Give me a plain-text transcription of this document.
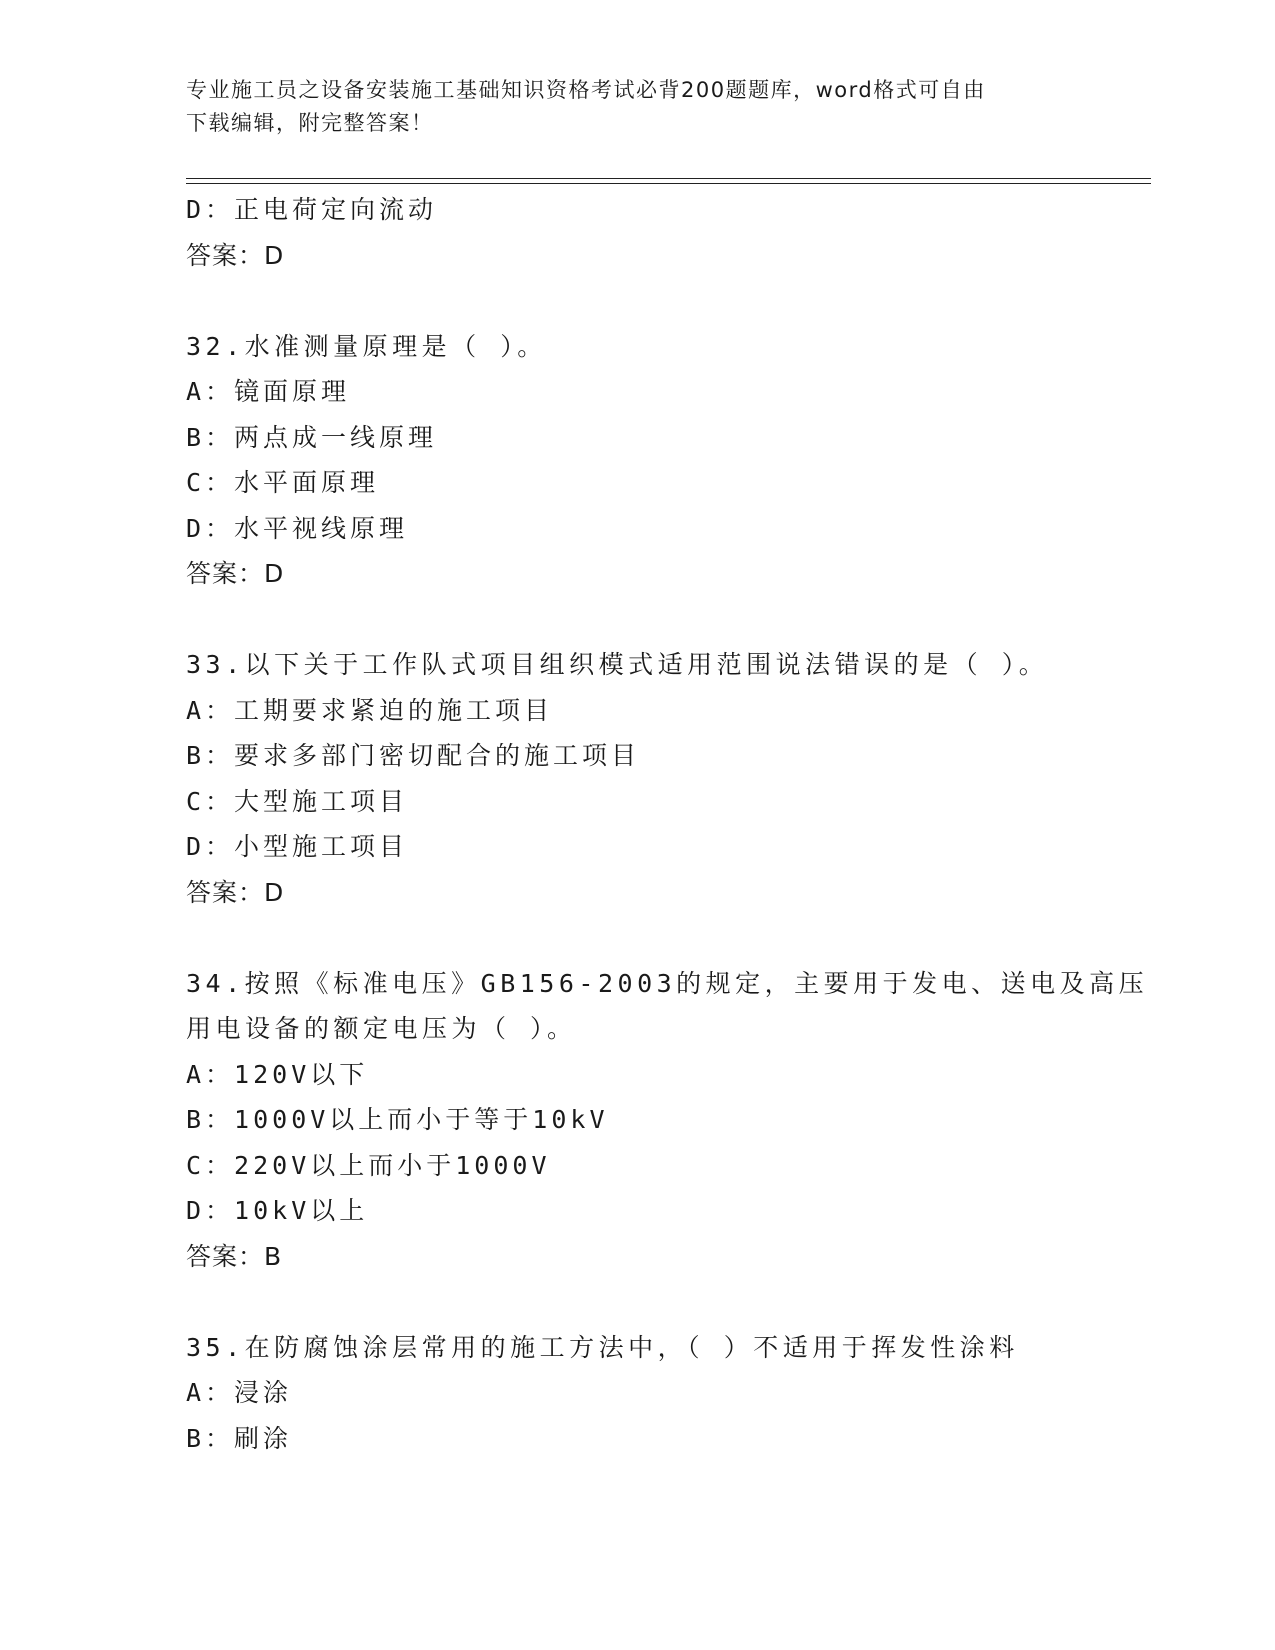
专业施工员之设备安装施工基础知识资格考试必背200题题库，word格式可自由
下载编辑，附完整答案！
D：正电荷定向流动
答案：D
32.水准测量原理是（ ）。
A：镜面原理
B：两点成一线原理
C：水平面原理
D：水平视线原理
答案：D
33.以下关于工作队式项目组织模式适用范围说法错误的是（ ）。
A：工期要求紧迫的施工项目
B：要求多部门密切配合的施工项目
C：大型施工项目
D：小型施工项目
答案：D
34.按照《标准电压》GB156-2003的规定，主要用于发电、送电及高压
用电设备的额定电压为（ ）。
A：120V以下
B：1000V以上而小于等于10kV
C：220V以上而小于1000V
D：10kV以上
答案：B
35.在防腐蚀涂层常用的施工方法中，（ ）不适用于挥发性涂料
A：浸涂
B：刷涂
